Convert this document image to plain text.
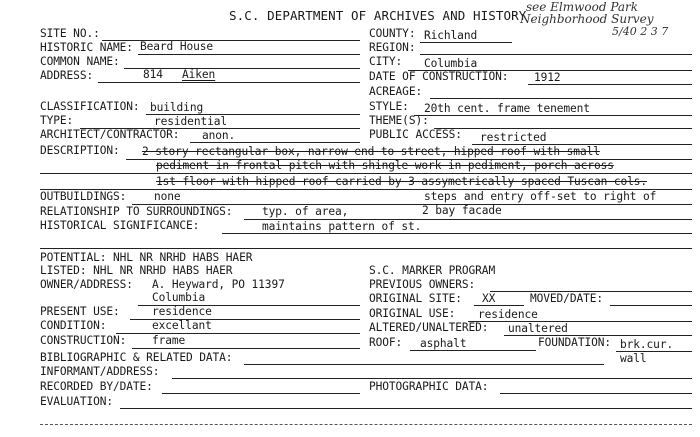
S.C. DEPARTMENT OF ARCHIVES AND HISTORY
see Elmwood Park
Neighborhood Survey
5/40 2 3 7
SITE NO.:
HISTORIC NAME: Beard House
COMMON NAME:
ADDRESS:	814 Aiken
CLASSIFICATION: building
TYPE:	residential
ARCHITECT/CONTRACTOR: anon.
COUNTY: Richland
REGION:
CITY: Columbia
DATE OF CONSTRUCTION: 1912
ACREAGE:
STYLE: 20th cent. frame tenement
THEME(S):
PUBLIC ACCESS: restricted
DESCRIPTION: 2 story rectangular box, narrow end to street, hipped roof with small
pediment in frontal pitch with shingle work in pediment, porch across
1st floor with hipped roof carried by 3 assymetrically spaced Tuscan cols.
steps and entry off-set to right of
2 bay facade
OUTBUILDINGS: none
RELATIONSHIP TO SURROUNDINGS:	typ. of area,
HISTORICAL SIGNIFICANCE:	maintains pattern of st.
POTENTIAL: NHL NR NRHD HABS HAER
LISTED: NHL NR NRHD HABS HAER
OWNER/ADDRESS: A. Heyward, PO 11397
Columbia
PRESENT USE:	residence
CONDITION:	excellant
CONSTRUCTION: frame
BIBLIOGRAPHIC & RELATED DATA:
INFORMANT/ADDRESS:
RECORDED BY/DATE:
EVALUATION:
S.C. MARKER PROGRAM
PREVIOUS OWNERS:
ORIGINAL SITE: XX	MOVED/DATE:
ORIGINAL USE: residence
ALTERED/UNALTERED: unaltered
ROOF: asphalt	FOUNDATION: brk.cur.
wall
PHOTOGRAPHIC DATA:
